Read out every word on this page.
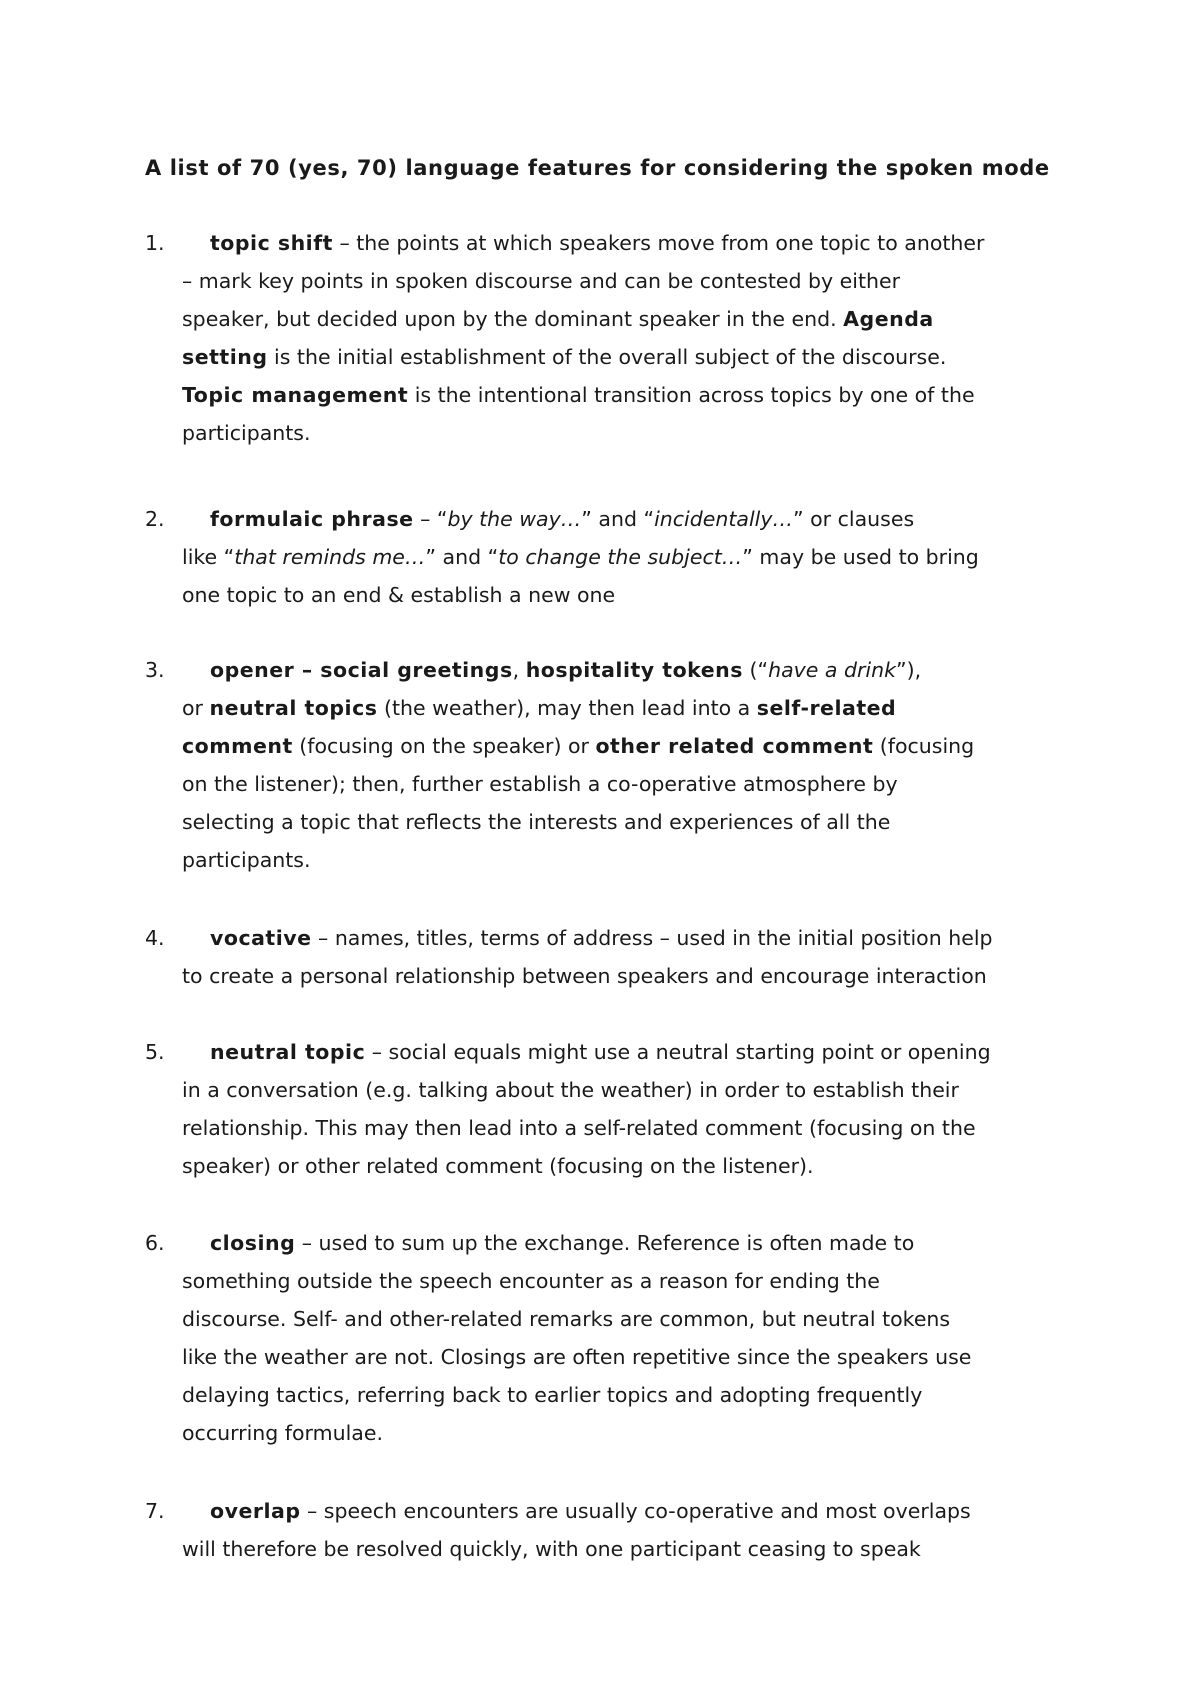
A list of 70 (yes, 70) language features for considering the spoken mode
1.	topic shift – the points at which speakers move from one topic to another
– mark key points in spoken discourse and can be contested by either
speaker, but decided upon by the dominant speaker in the end. Agenda
setting is the initial establishment of the overall subject of the discourse.
Topic management is the intentional transition across topics by one of the
participants.
2.	formulaic phrase – “by the way…” and “incidentally…” or clauses
like “that reminds me…” and “to change the subject…” may be used to bring
one topic to an end & establish a new one
3.	opener – social greetings, hospitality tokens (“have a drink”),
or neutral topics (the weather), may then lead into a self-related
comment (focusing on the speaker) or other related comment (focusing
on the listener); then, further establish a co-operative atmosphere by
selecting a topic that reflects the interests and experiences of all the
participants.
4.	vocative – names, titles, terms of address – used in the initial position help
to create a personal relationship between speakers and encourage interaction
5.	neutral topic – social equals might use a neutral starting point or opening
in a conversation (e.g. talking about the weather) in order to establish their
relationship. This may then lead into a self-related comment (focusing on the
speaker) or other related comment (focusing on the listener).
6.	closing – used to sum up the exchange. Reference is often made to
something outside the speech encounter as a reason for ending the
discourse. Self- and other-related remarks are common, but neutral tokens
like the weather are not. Closings are often repetitive since the speakers use
delaying tactics, referring back to earlier topics and adopting frequently
occurring formulae.
7.	overlap – speech encounters are usually co-operative and most overlaps
will therefore be resolved quickly, with one participant ceasing to speak
